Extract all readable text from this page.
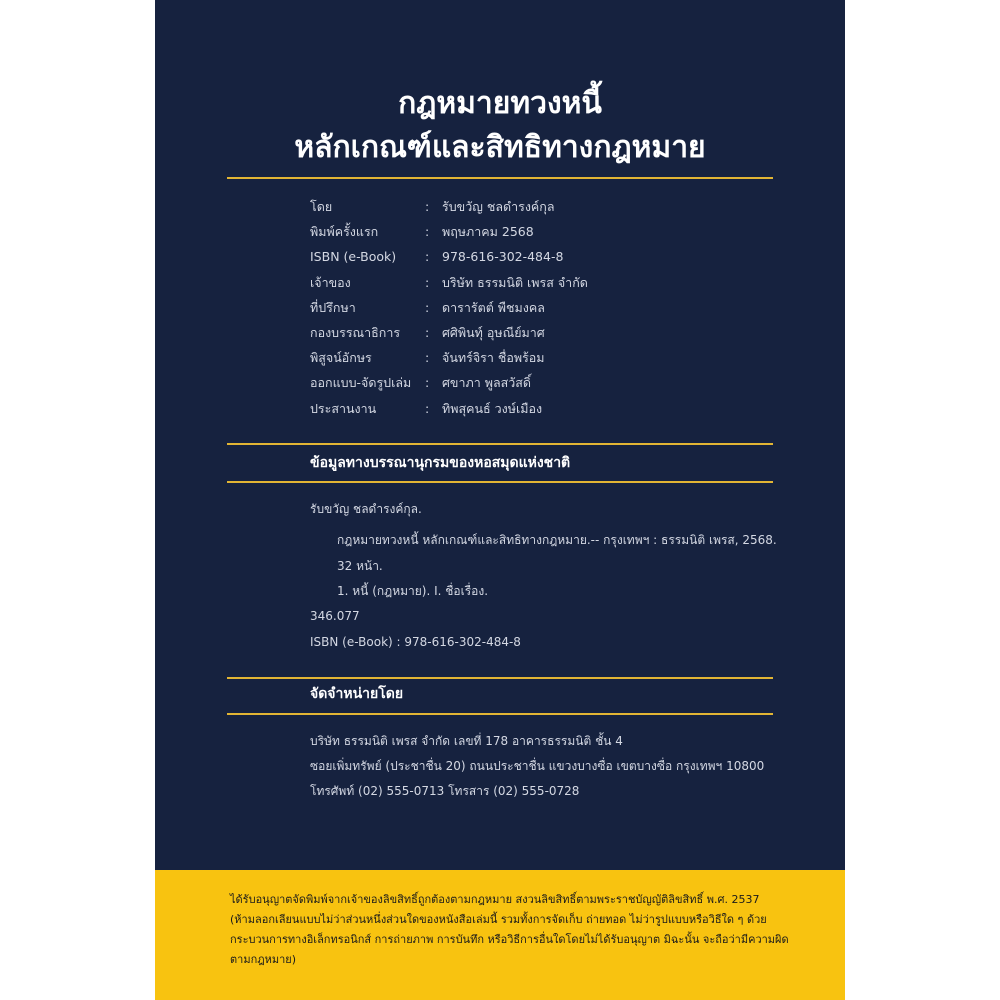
กฎหมายทวงหนี้
หลักเกณฑ์และสิทธิทางกฎหมาย
โดย	: รับขวัญ ชลดำรงค์กุล
พิมพ์ครั้งแรก	: พฤษภาคม 2568
ISBN (e-Book) : 978-616-302-484-8
เจ้าของ	: บริษัท ธรรมนิติ เพรส จำกัด
ที่ปรึกษา	: ดารารัตต์ พืชมงคล
กองบรรณาธิการ : ศศิพินทุ์ อุษณีย์มาศ
พิสูจน์อักษร	: จันทร์จิรา ชื่อพร้อม
ออกแบบ-จัดรูปเล่ม : ศขาภา พูลสวัสดิ์
ประสานงาน	: ทิพสุคนธ์ วงษ์เมือง
ข้อมูลทางบรรณานุกรมของหอสมุดแห่งชาติ
รับขวัญ ชลดำรงค์กุล.
กฎหมายทวงหนี้ หลักเกณฑ์และสิทธิทางกฎหมาย.-- กรุงเทพฯ : ธรรมนิติ เพรส, 2568.
32 หน้า.
1. หนี้ (กฎหมาย). I. ชื่อเรื่อง.
346.077
ISBN (e-Book) : 978-616-302-484-8
จัดจำหน่ายโดย
บริษัท ธรรมนิติ เพรส จำกัด เลขที่ 178 อาคารธรรมนิติ ชั้น 4
ซอยเพิ่มทรัพย์ (ประชาชื่น 20) ถนนประชาชื่น แขวงบางซื่อ เขตบางซื่อ กรุงเทพฯ 10800
โทรศัพท์ (02) 555-0713 โทรสาร (02) 555-0728
ได้รับอนุญาตจัดพิมพ์จากเจ้าของลิขสิทธิ์ถูกต้องตามกฎหมาย สงวนลิขสิทธิ์ตามพระราชบัญญัติลิขสิทธิ์ พ.ศ. 2537
(ห้ามลอกเลียนแบบไม่ว่าส่วนหนึ่งส่วนใดของหนังสือเล่มนี้ รวมทั้งการจัดเก็บ ถ่ายทอด ไม่ว่ารูปแบบหรือวิธีใด ๆ ด้วย
กระบวนการทางอิเล็กทรอนิกส์ การถ่ายภาพ การบันทึก หรือวิธีการอื่นใดโดยไม่ได้รับอนุญาต มิฉะนั้น จะถือว่ามีความผิด
ตามกฎหมาย)
